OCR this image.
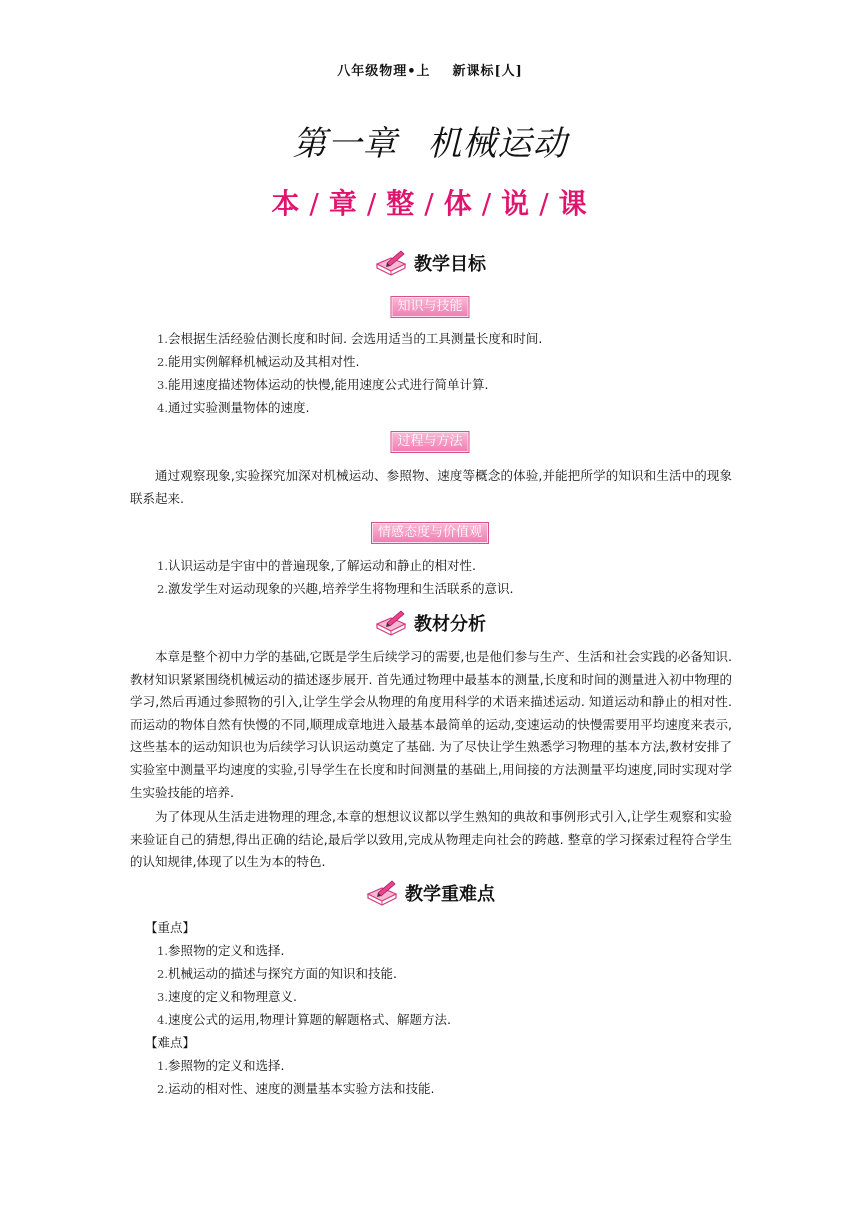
八年级物理•上 新课标[人]
第一章 机械运动
本 / 章 / 整 / 体 / 说 / 课
教学目标
知识与技能
1.会根据生活经验估测长度和时间. 会选用适当的工具测量长度和时间.
2.能用实例解释机械运动及其相对性.
3.能用速度描述物体运动的快慢,能用速度公式进行简单计算.
4.通过实验测量物体的速度.
过程与方法
通过观察现象,实验探究加深对机械运动、参照物、速度等概念的体验,并能把所学的知识和生活中的现象联系起来.
情感态度与价值观
1.认识运动是宇宙中的普遍现象,了解运动和静止的相对性.
2.激发学生对运动现象的兴趣,培养学生将物理和生活联系的意识.
教材分析
本章是整个初中力学的基础,它既是学生后续学习的需要,也是他们参与生产、生活和社会实践的必备知识. 教材知识紧紧围绕机械运动的描述逐步展开. 首先通过物理中最基本的测量,长度和时间的测量进入初中物理的学习,然后再通过参照物的引入,让学生学会从物理的角度用科学的术语来描述运动. 知道运动和静止的相对性. 而运动的物体自然有快慢的不同,顺理成章地进入最基本最简单的运动,变速运动的快慢需要用平均速度来表示,这些基本的运动知识也为后续学习认识运动奠定了基础. 为了尽快让学生熟悉学习物理的基本方法,教材安排了实验室中测量平均速度的实验,引导学生在长度和时间测量的基础上,用间接的方法测量平均速度,同时实现对学生实验技能的培养.
为了体现从生活走进物理的理念,本章的想想议议都以学生熟知的典故和事例形式引入,让学生观察和实验来验证自己的猜想,得出正确的结论,最后学以致用,完成从物理走向社会的跨越. 整章的学习探索过程符合学生的认知规律,体现了以生为本的特色.
教学重难点
【重点】
1.参照物的定义和选择.
2.机械运动的描述与探究方面的知识和技能.
3.速度的定义和物理意义.
4.速度公式的运用,物理计算题的解题格式、解题方法.
【难点】
1.参照物的定义和选择.
2.运动的相对性、速度的测量基本实验方法和技能.
